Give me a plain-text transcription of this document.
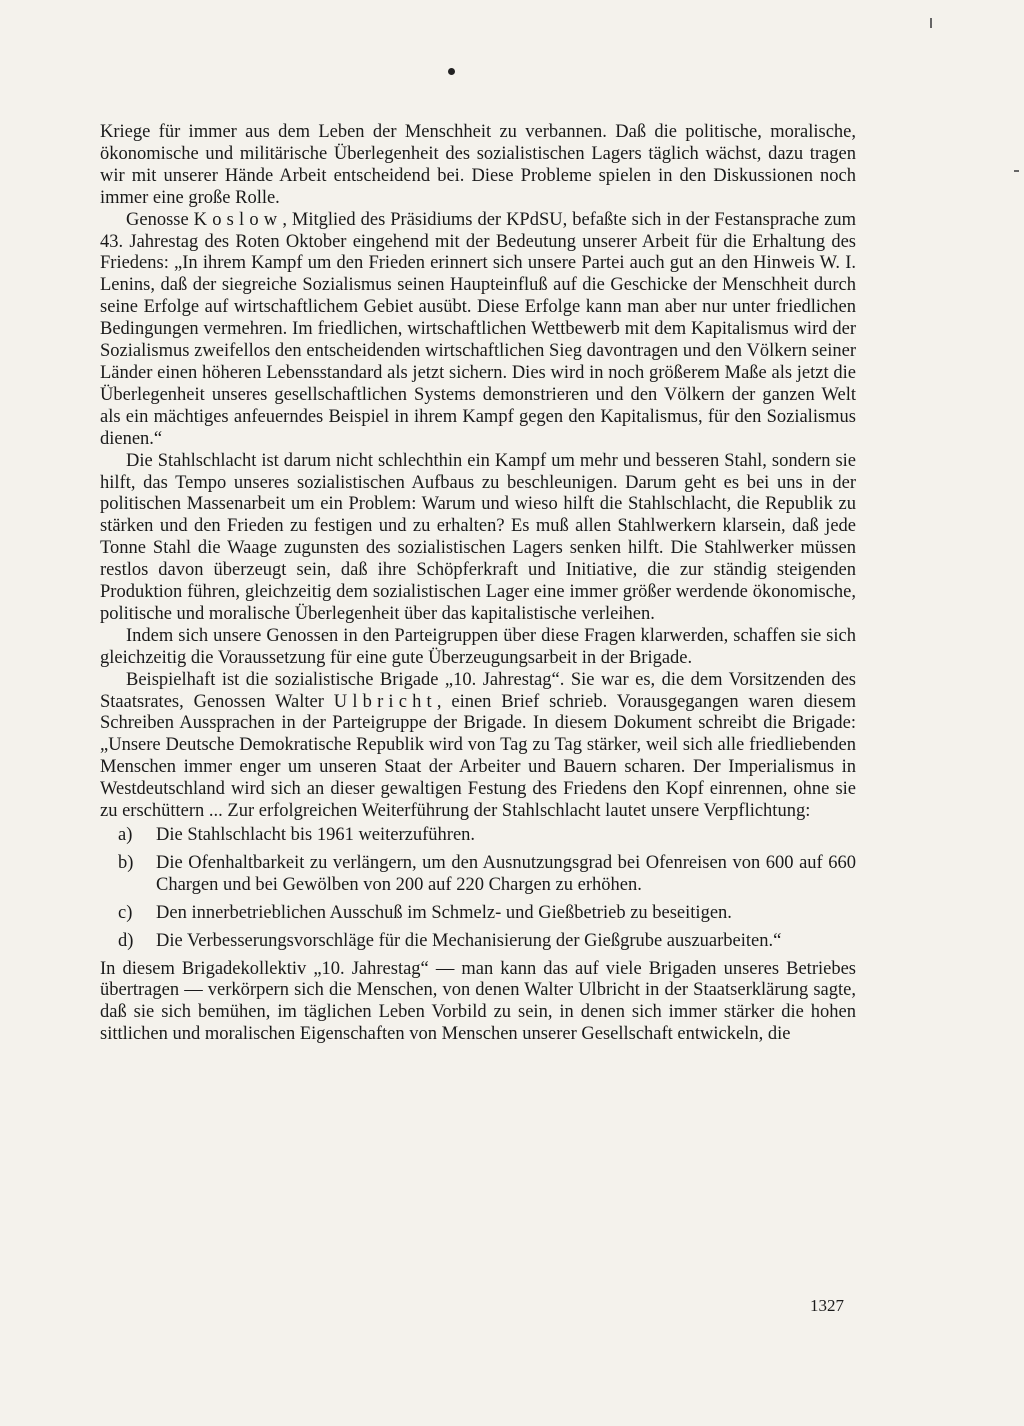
Kriege für immer aus dem Leben der Menschheit zu verbannen. Daß die politische, moralische, ökonomische und militärische Überlegenheit des sozialistischen Lagers täglich wächst, dazu tragen wir mit unserer Hände Arbeit entscheidend bei. Diese Probleme spielen in den Diskussionen noch immer eine große Rolle.

Genosse Koslow, Mitglied des Präsidiums der KPdSU, befaßte sich in der Festansprache zum 43. Jahrestag des Roten Oktober eingehend mit der Bedeutung unserer Arbeit für die Erhaltung des Friedens: „In ihrem Kampf um den Frieden erinnert sich unsere Partei auch gut an den Hinweis W. I. Lenins, daß der siegreiche Sozialismus seinen Haupteinfluß auf die Geschicke der Menschheit durch seine Erfolge auf wirtschaftlichem Gebiet ausübt. Diese Erfolge kann man aber nur unter friedlichen Bedingungen vermehren. Im friedlichen, wirtschaftlichen Wettbewerb mit dem Kapitalismus wird der Sozialismus zweifellos den entscheidenden wirtschaftlichen Sieg davontragen und den Völkern seiner Länder einen höheren Lebensstandard als jetzt sichern. Dies wird in noch größerem Maße als jetzt die Überlegenheit unseres gesellschaftlichen Systems demonstrieren und den Völkern der ganzen Welt als ein mächtiges anfeuerndes Beispiel in ihrem Kampf gegen den Kapitalismus, für den Sozialismus dienen.“

Die Stahlschlacht ist darum nicht schlechthin ein Kampf um mehr und besseren Stahl, sondern sie hilft, das Tempo unseres sozialistischen Aufbaus zu beschleunigen. Darum geht es bei uns in der politischen Massenarbeit um ein Problem: Warum und wieso hilft die Stahlschlacht, die Republik zu stärken und den Frieden zu festigen und zu erhalten? Es muß allen Stahlwerkern klarsein, daß jede Tonne Stahl die Waage zugunsten des sozialistischen Lagers senken hilft. Die Stahlwerker müssen restlos davon überzeugt sein, daß ihre Schöpferkraft und Initiative, die zur ständig steigenden Produktion führen, gleichzeitig dem sozialistischen Lager eine immer größer werdende ökonomische, politische und moralische Überlegenheit über das kapitalistische verleihen.

Indem sich unsere Genossen in den Parteigruppen über diese Fragen klarwerden, schaffen sie sich gleichzeitig die Voraussetzung für eine gute Überzeugungsarbeit in der Brigade.

Beispielhaft ist die sozialistische Brigade „10. Jahrestag“. Sie war es, die dem Vorsitzenden des Staatsrates, Genossen Walter Ulbricht, einen Brief schrieb. Vorausgegangen waren diesem Schreiben Aussprachen in der Parteigruppe der Brigade. In diesem Dokument schreibt die Brigade: „Unsere Deutsche Demokratische Republik wird von Tag zu Tag stärker, weil sich alle friedliebenden Menschen immer enger um unseren Staat der Arbeiter und Bauern scharen. Der Imperialismus in Westdeutschland wird sich an dieser gewaltigen Festung des Friedens den Kopf einrennen, ohne sie zu erschüttern ... Zur erfolgreichen Weiterführung der Stahlschlacht lautet unsere Verpflichtung:

a)	Die Stahlschlacht bis 1961 weiterzuführen.
b)	Die Ofenhaltbarkeit zu verlängern, um den Ausnutzungsgrad bei Ofenreisen von 600 auf 660 Chargen und bei Gewölben von 200 auf 220 Chargen zu erhöhen.
c)	Den innerbetrieblichen Ausschuß im Schmelz- und Gießbetrieb zu beseitigen.
d)	Die Verbesserungsvorschläge für die Mechanisierung der Gießgrube auszuarbeiten.“

In diesem Brigadekollektiv „10. Jahrestag“ — man kann das auf viele Brigaden unseres Betriebes übertragen — verkörpern sich die Menschen, von denen Walter Ulbricht in der Staatserklärung sagte, daß sie sich bemühen, im täglichen Leben Vorbild zu sein, in denen sich immer stärker die hohen sittlichen und moralischen Eigenschaften von Menschen unserer Gesellschaft entwickeln, die

1327
